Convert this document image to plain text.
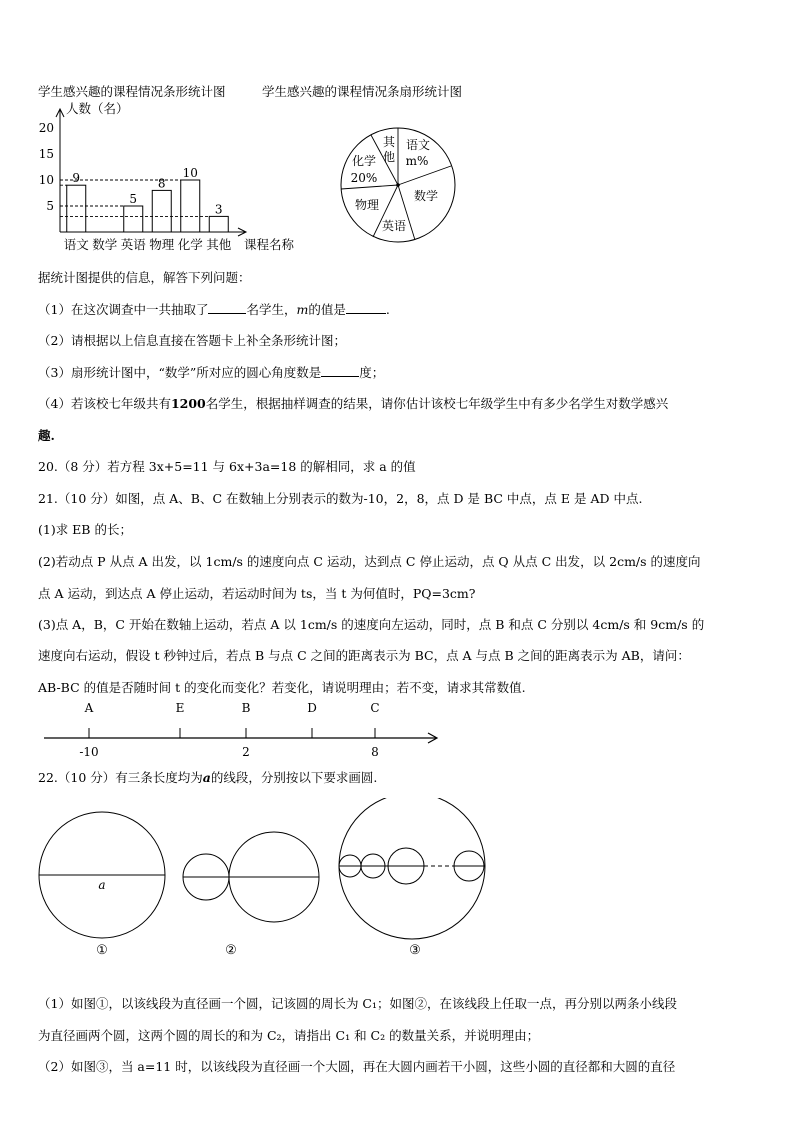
学生感兴趣的课程情况条形统计图	学生感兴趣的课程情况条扇形统计图
人数（名）
课程名称
20
15
10
5
9
语文 数学
5
英语
8
物理
10
化学
3
其他
其
他
语文
m%
数学
英语
物理
化学
20%
据统计图提供的信息，解答下列问题：
（1）在这次调查中一共抽取了	名学生，m的值是	.
（2）请根据以上信息直接在答题卡上补全条形统计图；
（3）扇形统计图中，“数学”所对应的圆心角度数是	度；
（4）若该校七年级共有1200名学生，根据抽样调查的结果，请你估计该校七年级学生中有多少名学生对数学感兴
趣.
20.（8 分）若方程 3x+5=11 与 6x+3a=18 的解相同，求 a 的值
21.（10 分）如图，点 A、B、C 在数轴上分别表示的数为-10，2，8，点 D 是 BC 中点，点 E 是 AD 中点.
(1)求 EB 的长；
(2)若动点 P 从点 A 出发，以 1cm/s 的速度向点 C 运动，达到点 C 停止运动，点 Q 从点 C 出发，以 2cm/s 的速度向
点 A 运动，到达点 A 停止运动，若运动时间为 ts，当 t 为何值时，PQ=3cm?
(3)点 A，B，C 开始在数轴上运动，若点 A 以 1cm/s 的速度向左运动，同时，点 B 和点 C 分别以 4cm/s 和 9cm/s 的
速度向右运动，假设 t 秒钟过后，若点 B 与点 C 之间的距离表示为 BC，点 A 与点 B 之间的距离表示为 AB，请问：
AB-BC 的值是否随时间 t 的变化而变化？若变化，请说明理由；若不变，请求其常数值.
A
-10
E	B
2
D	C
8
22.（10 分）有三条长度均为a的线段，分别按以下要求画圆.
a
①	②	③
（1）如图①，以该线段为直径画一个圆，记该圆的周长为 C₁；如图②，在该线段上任取一点，再分别以两条小线段
为直径画两个圆，这两个圆的周长的和为 C₂，请指出 C₁ 和 C₂ 的数量关系，并说明理由；
（2）如图③，当 a=11 时，以该线段为直径画一个大圆，再在大圆内画若干小圆，这些小圆的直径都和大圆的直径
